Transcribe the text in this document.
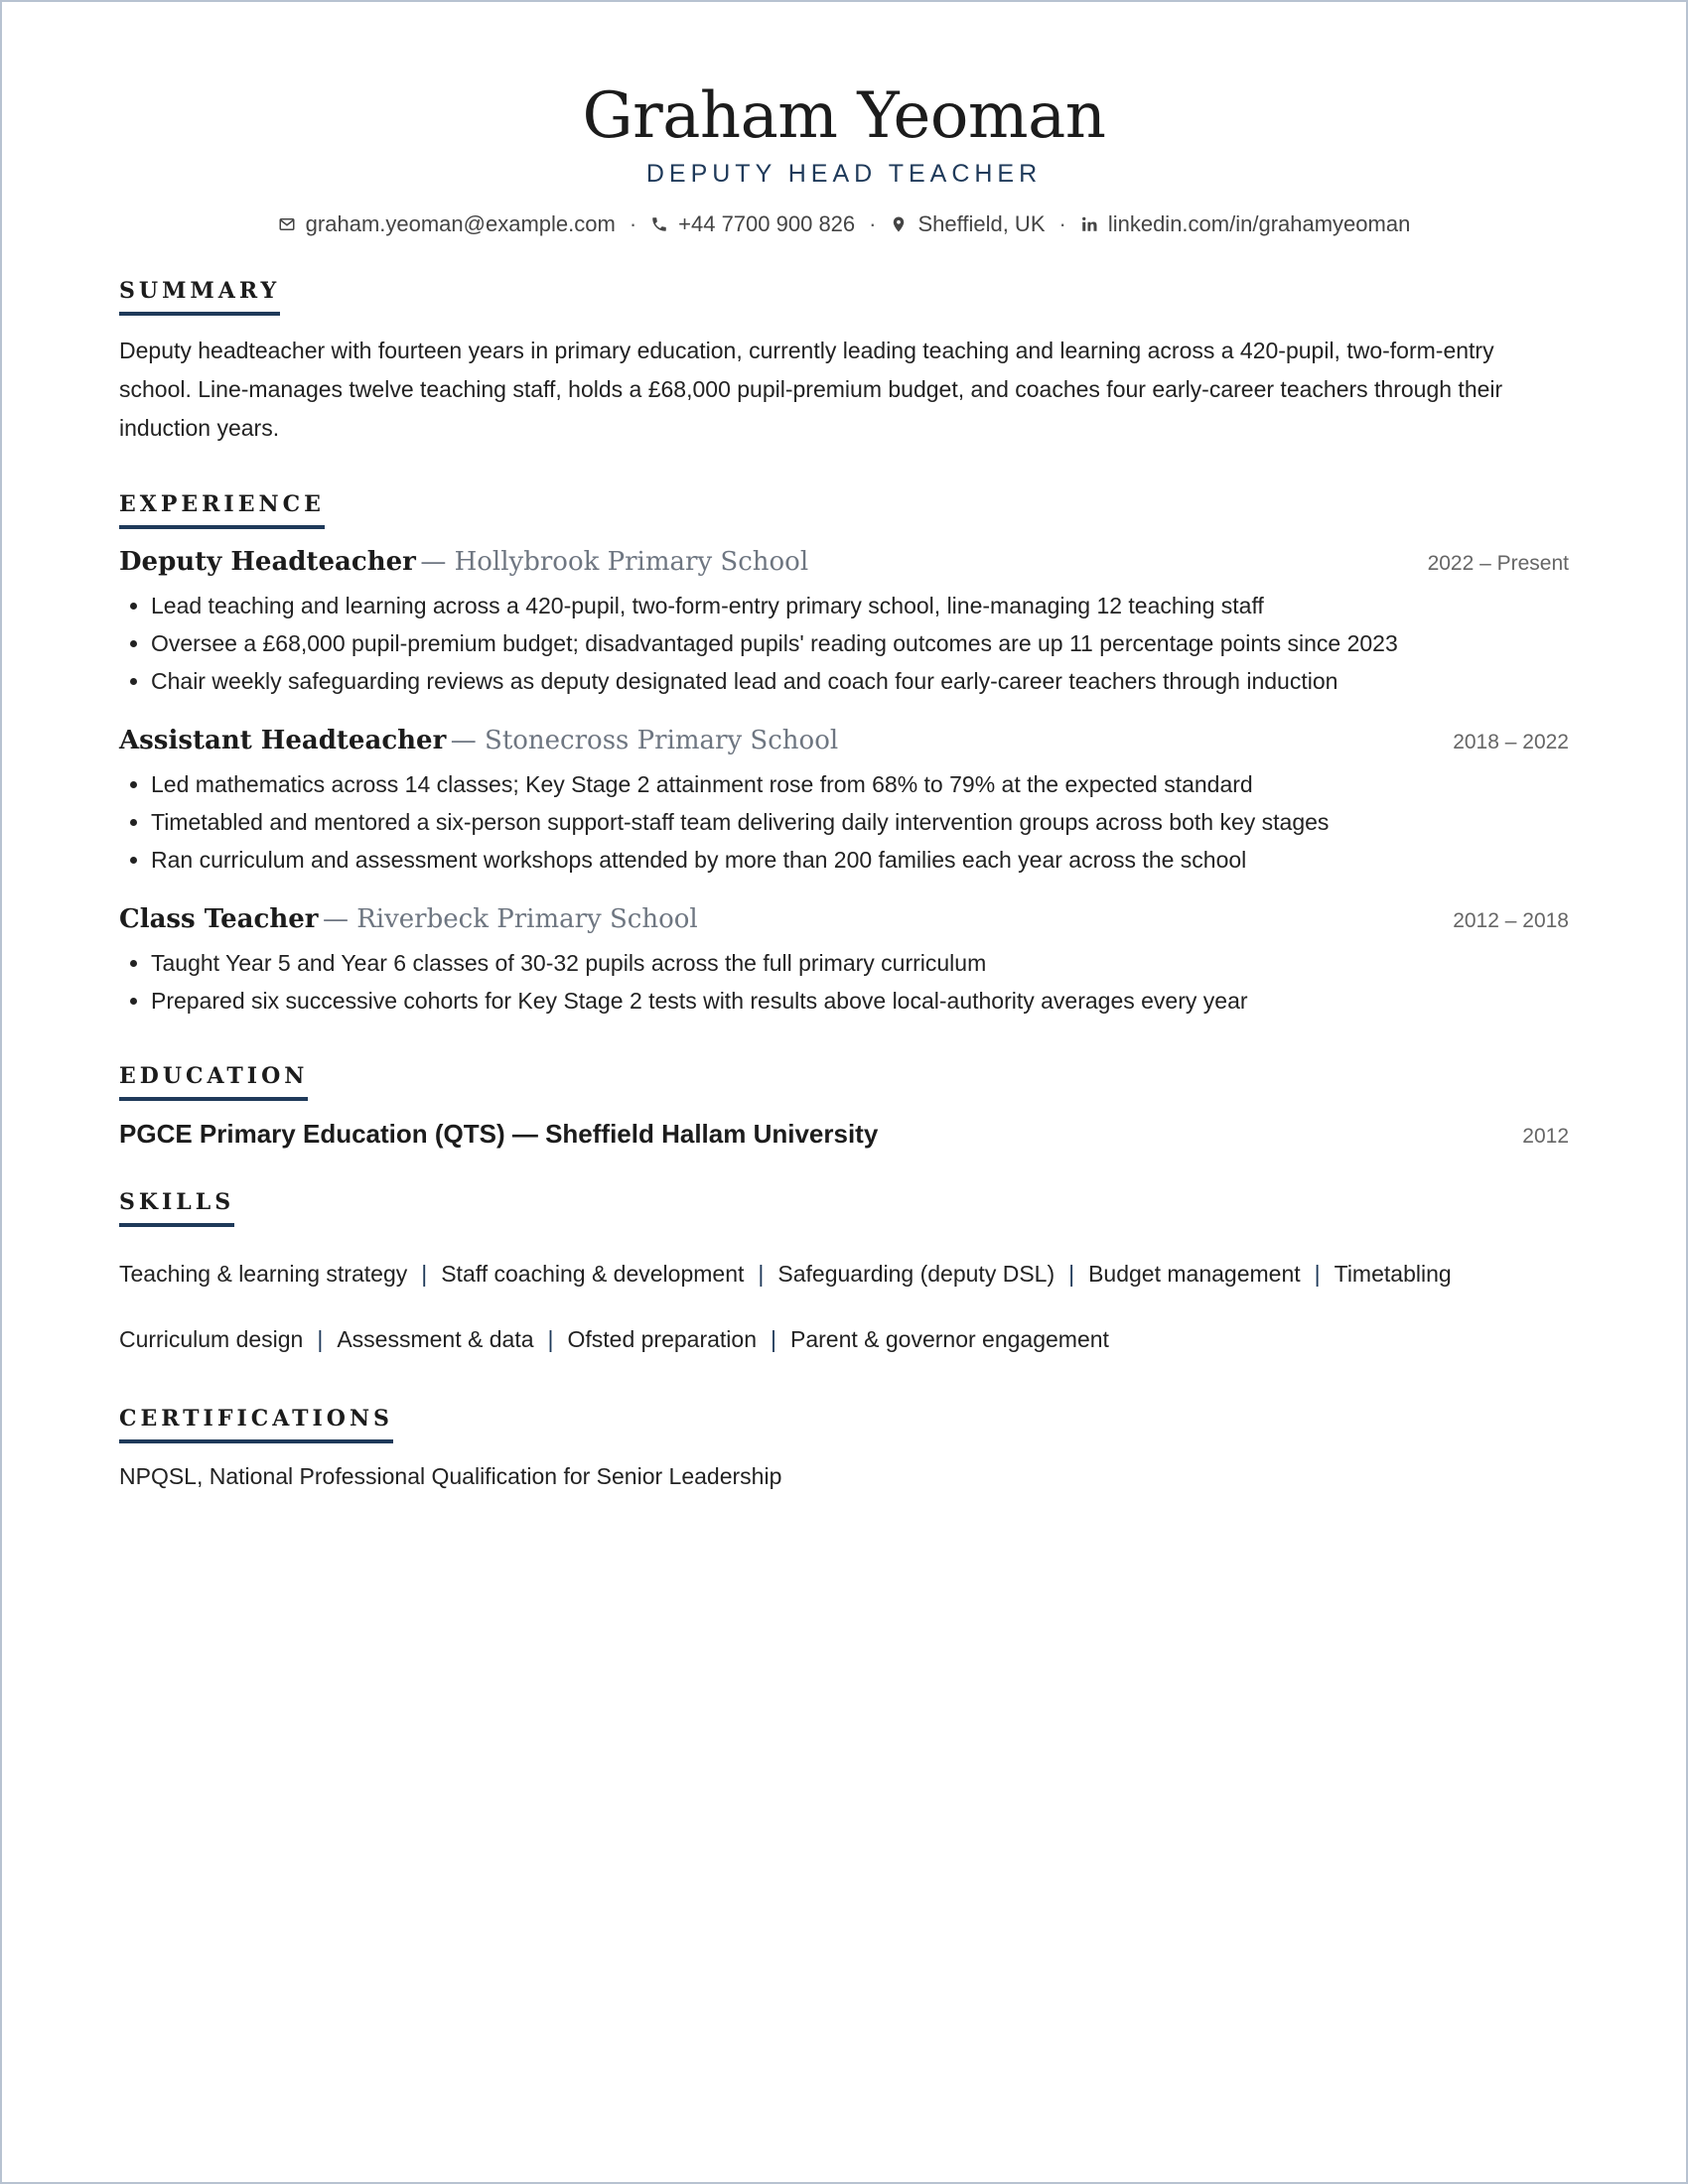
Graham Yeoman
DEPUTY HEAD TEACHER
graham.yeoman@example.com · +44 7700 900 826 · Sheffield, UK · linkedin.com/in/grahamyeoman
SUMMARY
Deputy headteacher with fourteen years in primary education, currently leading teaching and learning across a 420-pupil, two-form-entry school. Line-manages twelve teaching staff, holds a £68,000 pupil-premium budget, and coaches four early-career teachers through their induction years.
EXPERIENCE
Deputy Headteacher — Hollybrook Primary School	2022 – Present
• Lead teaching and learning across a 420-pupil, two-form-entry primary school, line-managing 12 teaching staff
• Oversee a £68,000 pupil-premium budget; disadvantaged pupils' reading outcomes are up 11 percentage points since 2023
• Chair weekly safeguarding reviews as deputy designated lead and coach four early-career teachers through induction
Assistant Headteacher — Stonecross Primary School	2018 – 2022
• Led mathematics across 14 classes; Key Stage 2 attainment rose from 68% to 79% at the expected standard
• Timetabled and mentored a six-person support-staff team delivering daily intervention groups across both key stages
• Ran curriculum and assessment workshops attended by more than 200 families each year across the school
Class Teacher — Riverbeck Primary School	2012 – 2018
• Taught Year 5 and Year 6 classes of 30-32 pupils across the full primary curriculum
• Prepared six successive cohorts for Key Stage 2 tests with results above local-authority averages every year
EDUCATION
PGCE Primary Education (QTS) — Sheffield Hallam University	2012
SKILLS
Teaching & learning strategy | Staff coaching & development | Safeguarding (deputy DSL) | Budget management | Timetabling
Curriculum design | Assessment & data | Ofsted preparation | Parent & governor engagement
CERTIFICATIONS
NPQSL, National Professional Qualification for Senior Leadership
